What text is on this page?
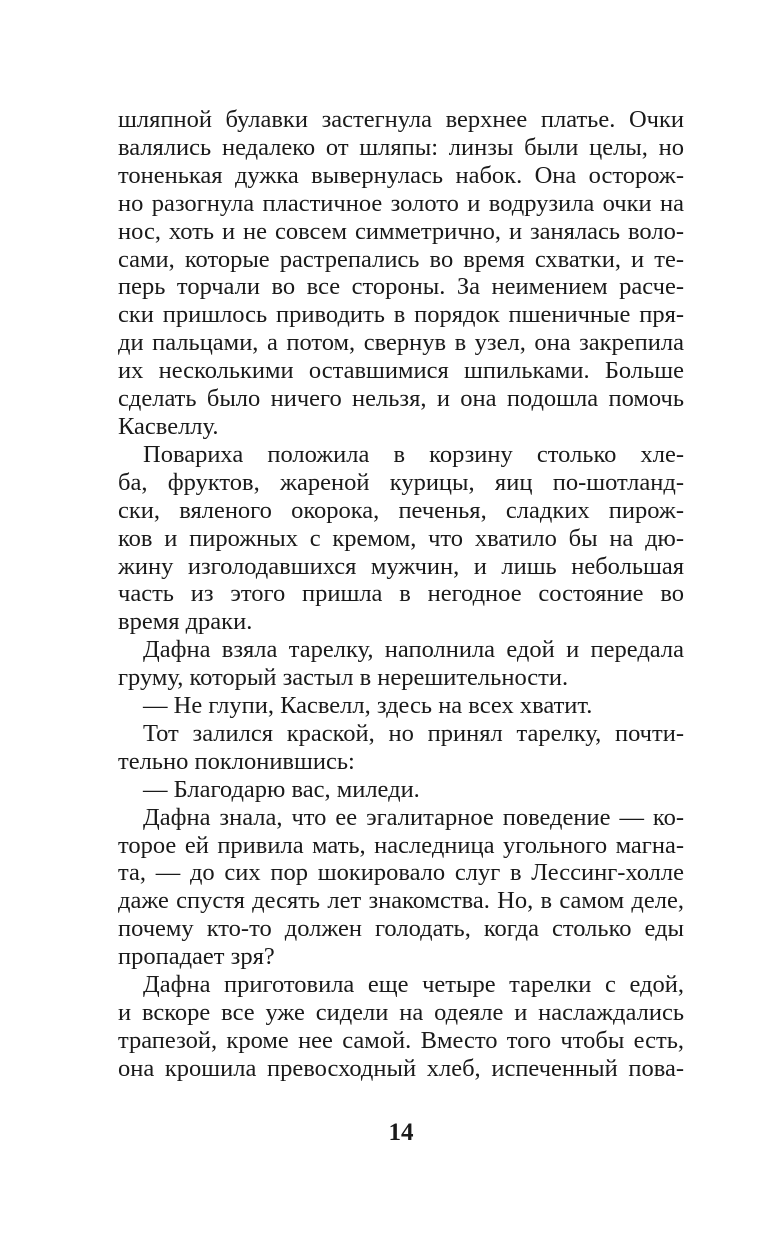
шляпной булавки застегнула верхнее платье. Очки
валялись недалеко от шляпы: линзы были целы, но
тоненькая дужка вывернулась набок. Она осторож-
но разогнула пластичное золото и водрузила очки на
нос, хоть и не совсем симметрично, и занялась воло-
сами, которые растрепались во время схватки, и те-
перь торчали во все стороны. За неимением расче-
ски пришлось приводить в порядок пшеничные пря-
ди пальцами, а потом, свернув в узел, она закрепила
их несколькими оставшимися шпильками. Больше
сделать было ничего нельзя, и она подошла помочь
Касвеллу.
Повариха положила в корзину столько хле-
ба, фруктов, жареной курицы, яиц по-шотланд-
ски, вяленого окорока, печенья, сладких пирож-
ков и пирожных с кремом, что хватило бы на дю-
жину изголодавшихся мужчин, и лишь небольшая
часть из этого пришла в негодное состояние во
время драки.
Дафна взяла тарелку, наполнила едой и передала
груму, который застыл в нерешительности.
— Не глупи, Касвелл, здесь на всех хватит.
Тот залился краской, но принял тарелку, почти-
тельно поклонившись:
— Благодарю вас, миледи.
Дафна знала, что ее эгалитарное поведение — ко-
торое ей привила мать, наследница угольного магна-
та, — до сих пор шокировало слуг в Лессинг-холле
даже спустя десять лет знакомства. Но, в самом деле,
почему кто-то должен голодать, когда столько еды
пропадает зря?
Дафна приготовила еще четыре тарелки с едой,
и вскоре все уже сидели на одеяле и наслаждались
трапезой, кроме нее самой. Вместо того чтобы есть,
она крошила превосходный хлеб, испеченный пова-
14
